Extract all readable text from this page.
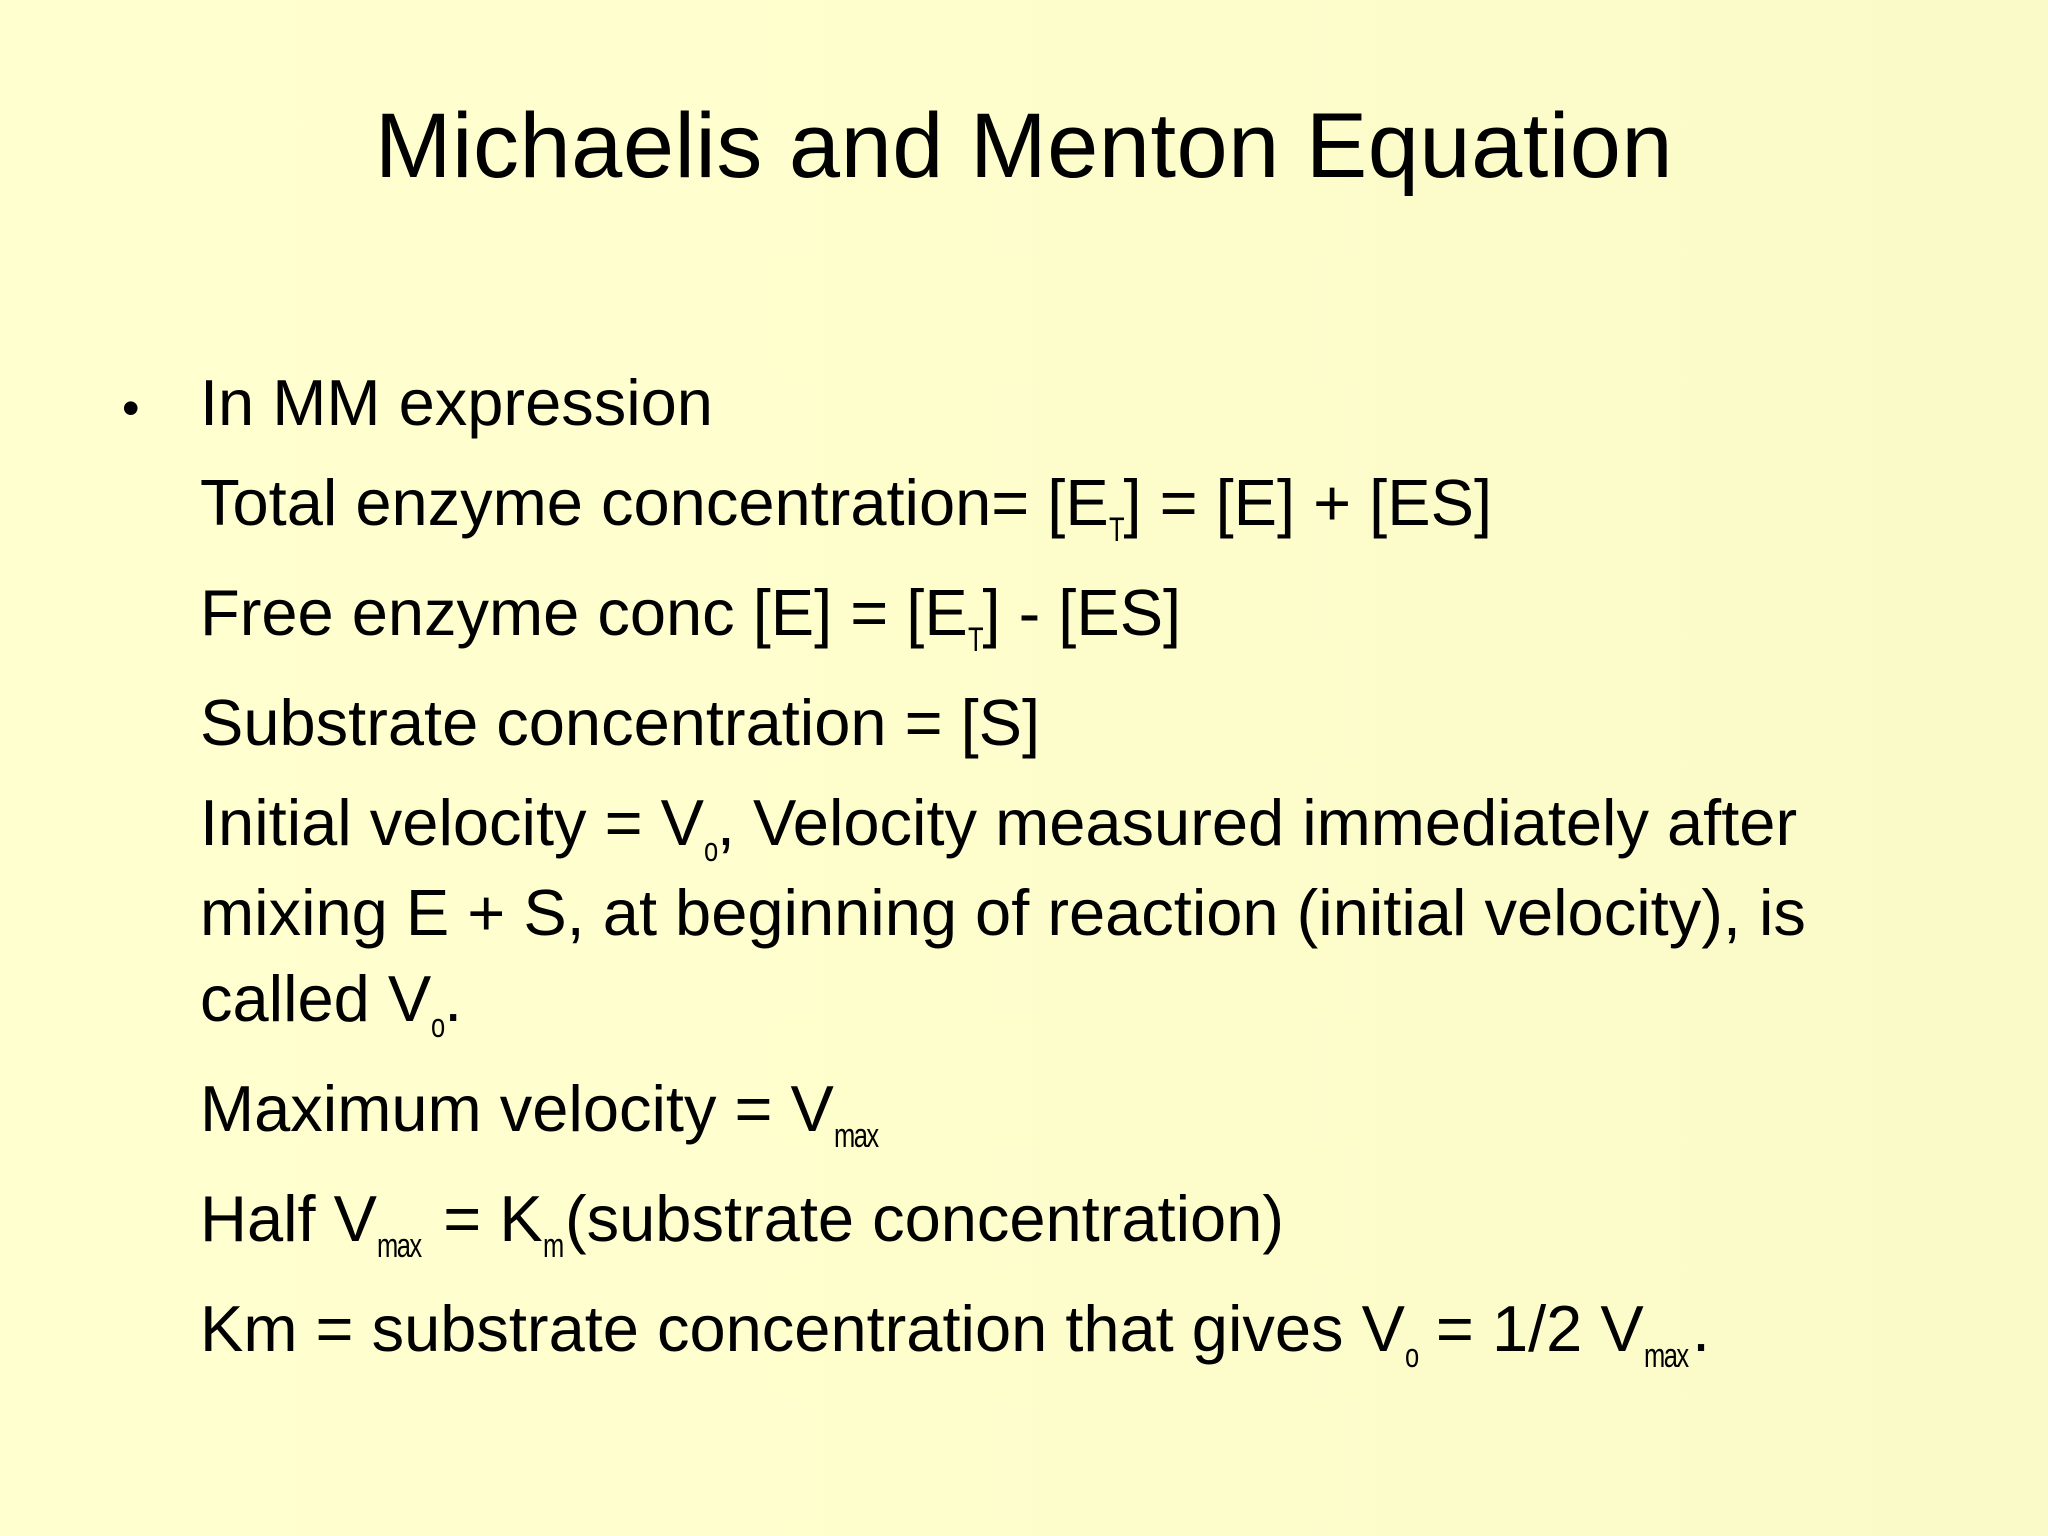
Michaelis and Menton Equation
• In MM expression
Total enzyme concentration= [ET] = [E] + [ES]
Free enzyme conc [E] = [ET] - [ES]
Substrate concentration = [S]
Initial velocity = Vo, Velocity measured immediately after
mixing E + S, at beginning of reaction (initial velocity), is
called Vo.
Maximum velocity = Vmax
Half Vmax = Km(substrate concentration)
Km = substrate concentration that gives Vo = 1/2 Vmax.
